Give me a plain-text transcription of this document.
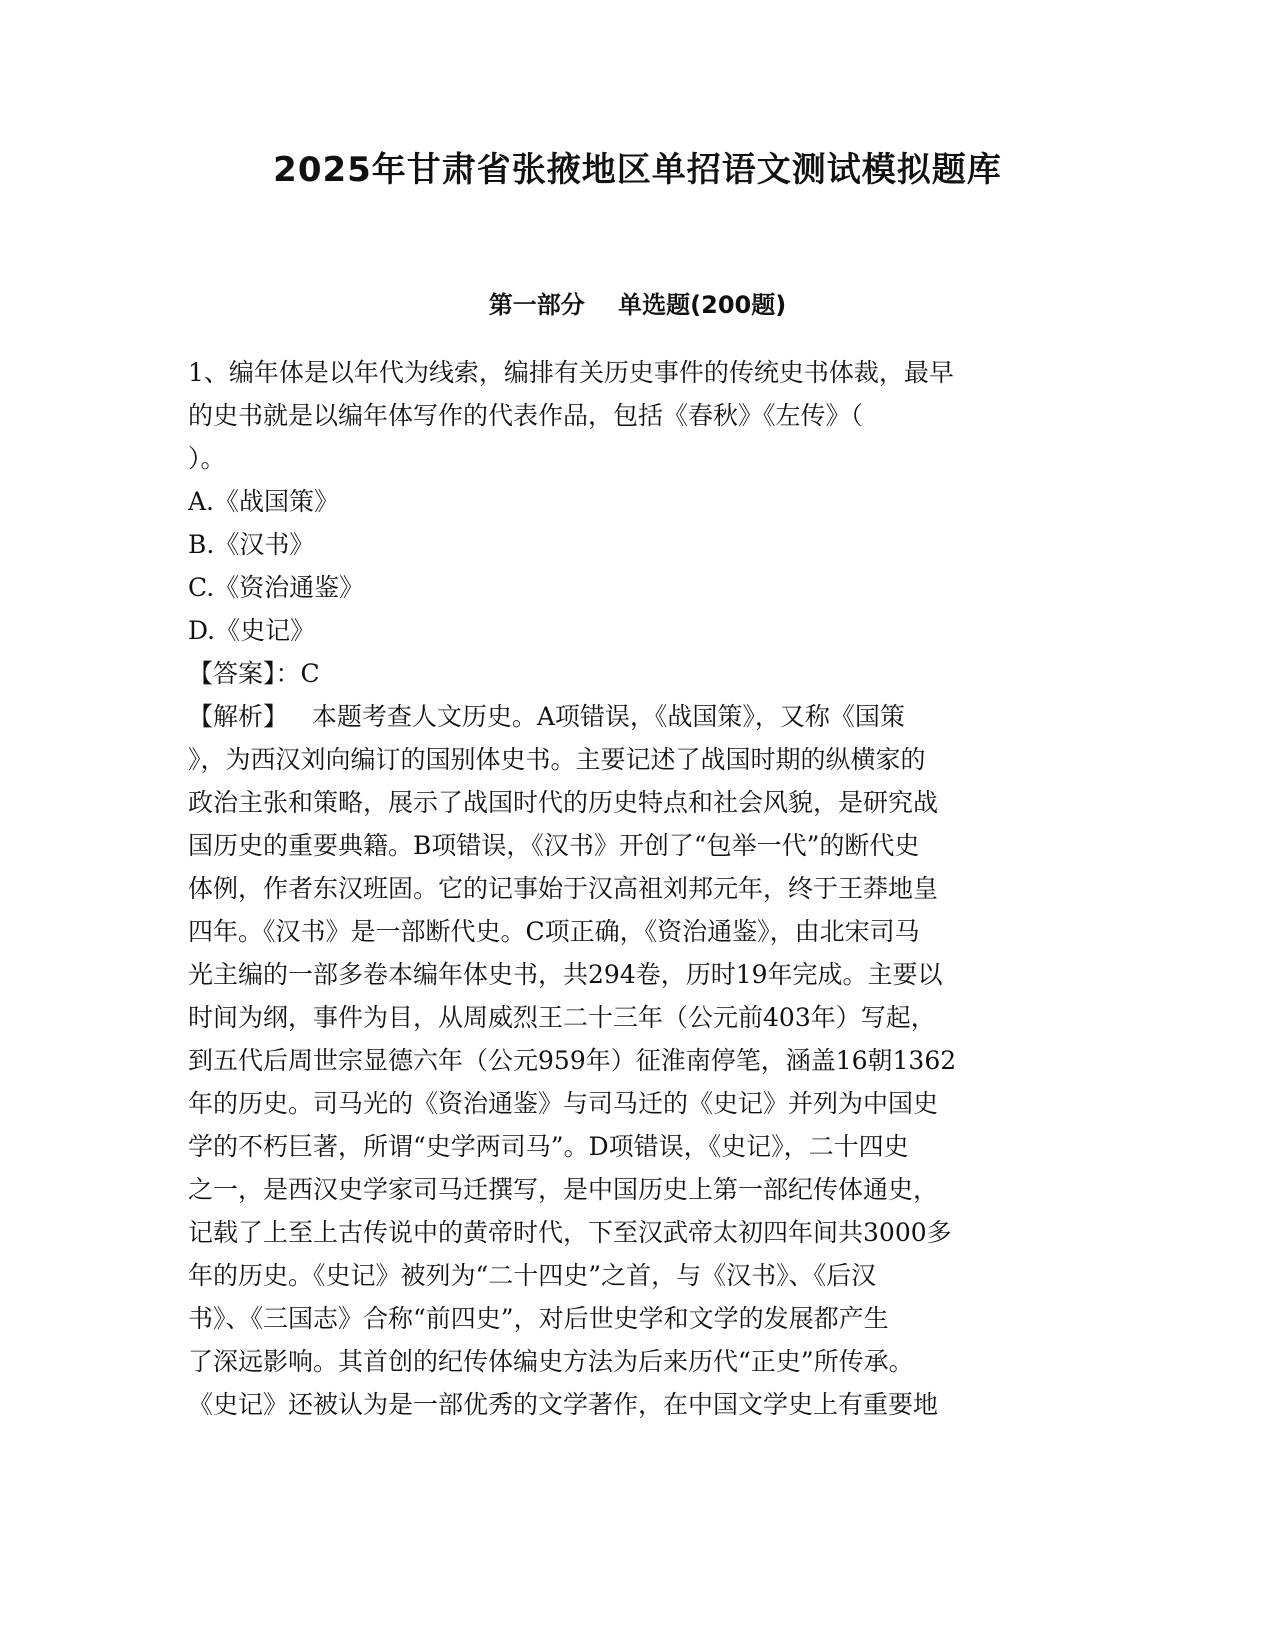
2025年甘肃省张掖地区单招语文测试模拟题库
第一部分    单选题(200题)
1、编年体是以年代为线索，编排有关历史事件的传统史书体裁，最早
的史书就是以编年体写作的代表作品，包括《春秋》《左传》（
）。
A.《战国策》
B.《汉书》
C.《资治通鉴》
D.《史记》
【答案】：C
【解析】   本题考查人文历史。A项错误，《战国策》，又称《国策
》，为西汉刘向编订的国别体史书。主要记述了战国时期的纵横家的
政治主张和策略，展示了战国时代的历史特点和社会风貌，是研究战
国历史的重要典籍。B项错误，《汉书》开创了“包举一代”的断代史
体例，作者东汉班固。它的记事始于汉高祖刘邦元年，终于王莽地皇
四年。《汉书》是一部断代史。C项正确，《资治通鉴》，由北宋司马
光主编的一部多卷本编年体史书，共294卷，历时19年完成。主要以
时间为纲，事件为目，从周威烈王二十三年（公元前403年）写起，
到五代后周世宗显德六年（公元959年）征淮南停笔，涵盖16朝1362
年的历史。司马光的《资治通鉴》与司马迁的《史记》并列为中国史
学的不朽巨著，所谓“史学两司马”。D项错误，《史记》，二十四史
之一，是西汉史学家司马迁撰写，是中国历史上第一部纪传体通史，
记载了上至上古传说中的黄帝时代，下至汉武帝太初四年间共3000多
年的历史。《史记》被列为“二十四史”之首，与《汉书》、《后汉
书》、《三国志》合称“前四史”，对后世史学和文学的发展都产生
了深远影响。其首创的纪传体编史方法为后来历代“正史”所传承。
《史记》还被认为是一部优秀的文学著作，在中国文学史上有重要地
